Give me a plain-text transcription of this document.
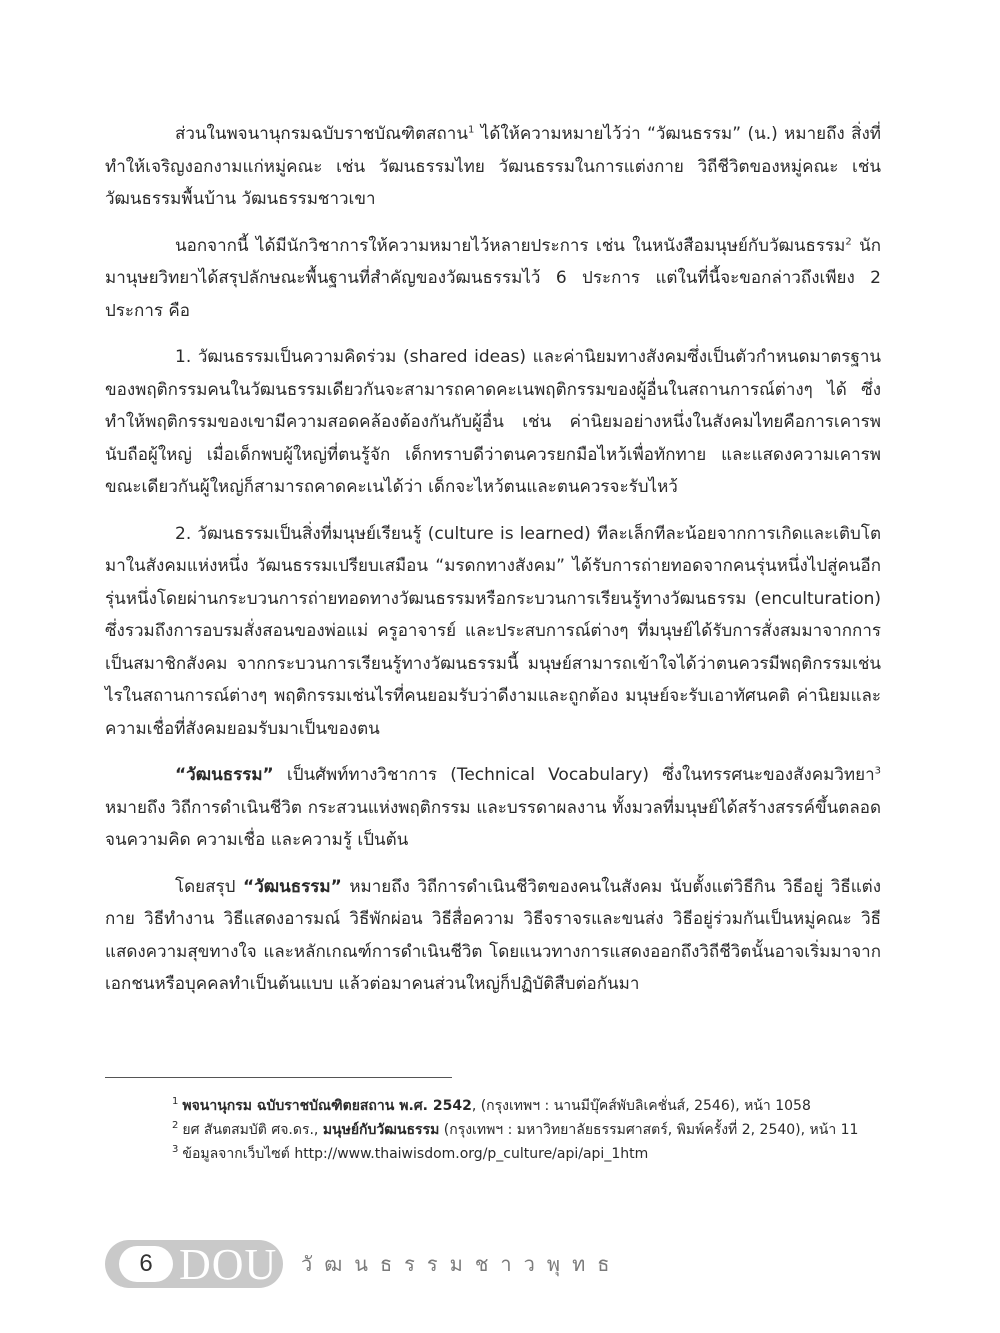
ส่วนในพจนานุกรมฉบับราชบัณฑิตสถาน$^1$ ได้ให้ความหมายไว้ว่า “วัฒนธรรม” (น.) หมายถึง สิ่งที่ทำให้เจริญงอกงามแก่หมู่คณะ เช่น วัฒนธรรมไทย วัฒนธรรมในการแต่งกาย วิถีชีวิตของหมู่คณะ เช่น วัฒนธรรมพื้นบ้าน วัฒนธรรมชาวเขา

นอกจากนี้ ได้มีนักวิชาการให้ความหมายไว้หลายประการ เช่น ในหนังสือมนุษย์กับวัฒนธรรม$^2$ นักมานุษยวิทยาได้สรุปลักษณะพื้นฐานที่สำคัญของวัฒนธรรมไว้ 6 ประการ แต่ในที่นี้จะขอกล่าวถึงเพียง 2 ประการ คือ

1. วัฒนธรรมเป็นความคิดร่วม (shared ideas) และค่านิยมทางสังคมซึ่งเป็นตัวกำหนดมาตรฐานของพฤติกรรมคนในวัฒนธรรมเดียวกันจะสามารถคาดคะเนพฤติกรรมของผู้อื่นในสถานการณ์ต่างๆ ได้ ซึ่งทำให้พฤติกรรมของเขามีความสอดคล้องต้องกันกับผู้อื่น เช่น ค่านิยมอย่างหนึ่งในสังคมไทยคือการเคารพนับถือผู้ใหญ่ เมื่อเด็กพบผู้ใหญ่ที่ตนรู้จัก เด็กทราบดีว่าตนควรยกมือไหว้เพื่อทักทาย และแสดงความเคารพ ขณะเดียวกันผู้ใหญ่ก็สามารถคาดคะเนได้ว่า เด็กจะไหว้ตนและตนควรจะรับไหว้

2. วัฒนธรรมเป็นสิ่งที่มนุษย์เรียนรู้ (culture is learned) ทีละเล็กทีละน้อยจากการเกิดและเติบโตมาในสังคมแห่งหนึ่ง วัฒนธรรมเปรียบเสมือน “มรดกทางสังคม” ได้รับการถ่ายทอดจากคนรุ่นหนึ่งไปสู่คนอีกรุ่นหนึ่งโดยผ่านกระบวนการถ่ายทอดทางวัฒนธรรมหรือกระบวนการเรียนรู้ทางวัฒนธรรม (enculturation) ซึ่งรวมถึงการอบรมสั่งสอนของพ่อแม่ ครูอาจารย์ และประสบการณ์ต่างๆ ที่มนุษย์ได้รับการสั่งสมมาจากการเป็นสมาชิกสังคม จากกระบวนการเรียนรู้ทางวัฒนธรรมนี้ มนุษย์สามารถเข้าใจได้ว่าตนควรมีพฤติกรรมเช่นไรในสถานการณ์ต่างๆ พฤติกรรมเช่นไรที่คนยอมรับว่าดีงามและถูกต้อง มนุษย์จะรับเอาทัศนคติ ค่านิยมและความเชื่อที่สังคมยอมรับมาเป็นของตน

“วัฒนธรรม” เป็นศัพท์ทางวิชาการ (Technical Vocabulary) ซึ่งในทรรศนะของสังคมวิทยา$^3$ หมายถึง วิถีการดำเนินชีวิต กระสวนแห่งพฤติกรรม และบรรดาผลงาน ทั้งมวลที่มนุษย์ได้สร้างสรรค์ขึ้นตลอดจนความคิด ความเชื่อ และความรู้ เป็นต้น

โดยสรุป “วัฒนธรรม” หมายถึง วิถีการดำเนินชีวิตของคนในสังคม นับตั้งแต่วิธีกิน วิธีอยู่ วิธีแต่งกาย วิธีทำงาน วิธีแสดงอารมณ์ วิธีพักผ่อน วิธีสื่อความ วิธีจราจรและขนส่ง วิธีอยู่ร่วมกันเป็นหมู่คณะ วิธีแสดงความสุขทางใจ และหลักเกณฑ์การดำเนินชีวิต โดยแนวทางการแสดงออกถึงวิถีชีวิตนั้นอาจเริ่มมาจากเอกชนหรือบุคคลทำเป็นต้นแบบ แล้วต่อมาคนส่วนใหญ่ก็ปฏิบัติสืบต่อกันมา

$^1$ พจนานุกรม ฉบับราชบัณฑิตยสถาน พ.ศ. 2542, (กรุงเทพฯ : นานมีบุ๊คส์พับลิเคชั่นส์, 2546), หน้า 1058
$^2$ ยศ สันตสมบัติ ศจ.ดร., มนุษย์กับวัฒนธรรม (กรุงเทพฯ : มหาวิทยาลัยธรรมศาสตร์, พิมพ์ครั้งที่ 2, 2540), หน้า 11
$^3$ ข้อมูลจากเว็บไซต์ http://www.thaiwisdom.org/p_culture/api/api_1htm
6 DOU วัฒนธรรมชาวพุทธ
